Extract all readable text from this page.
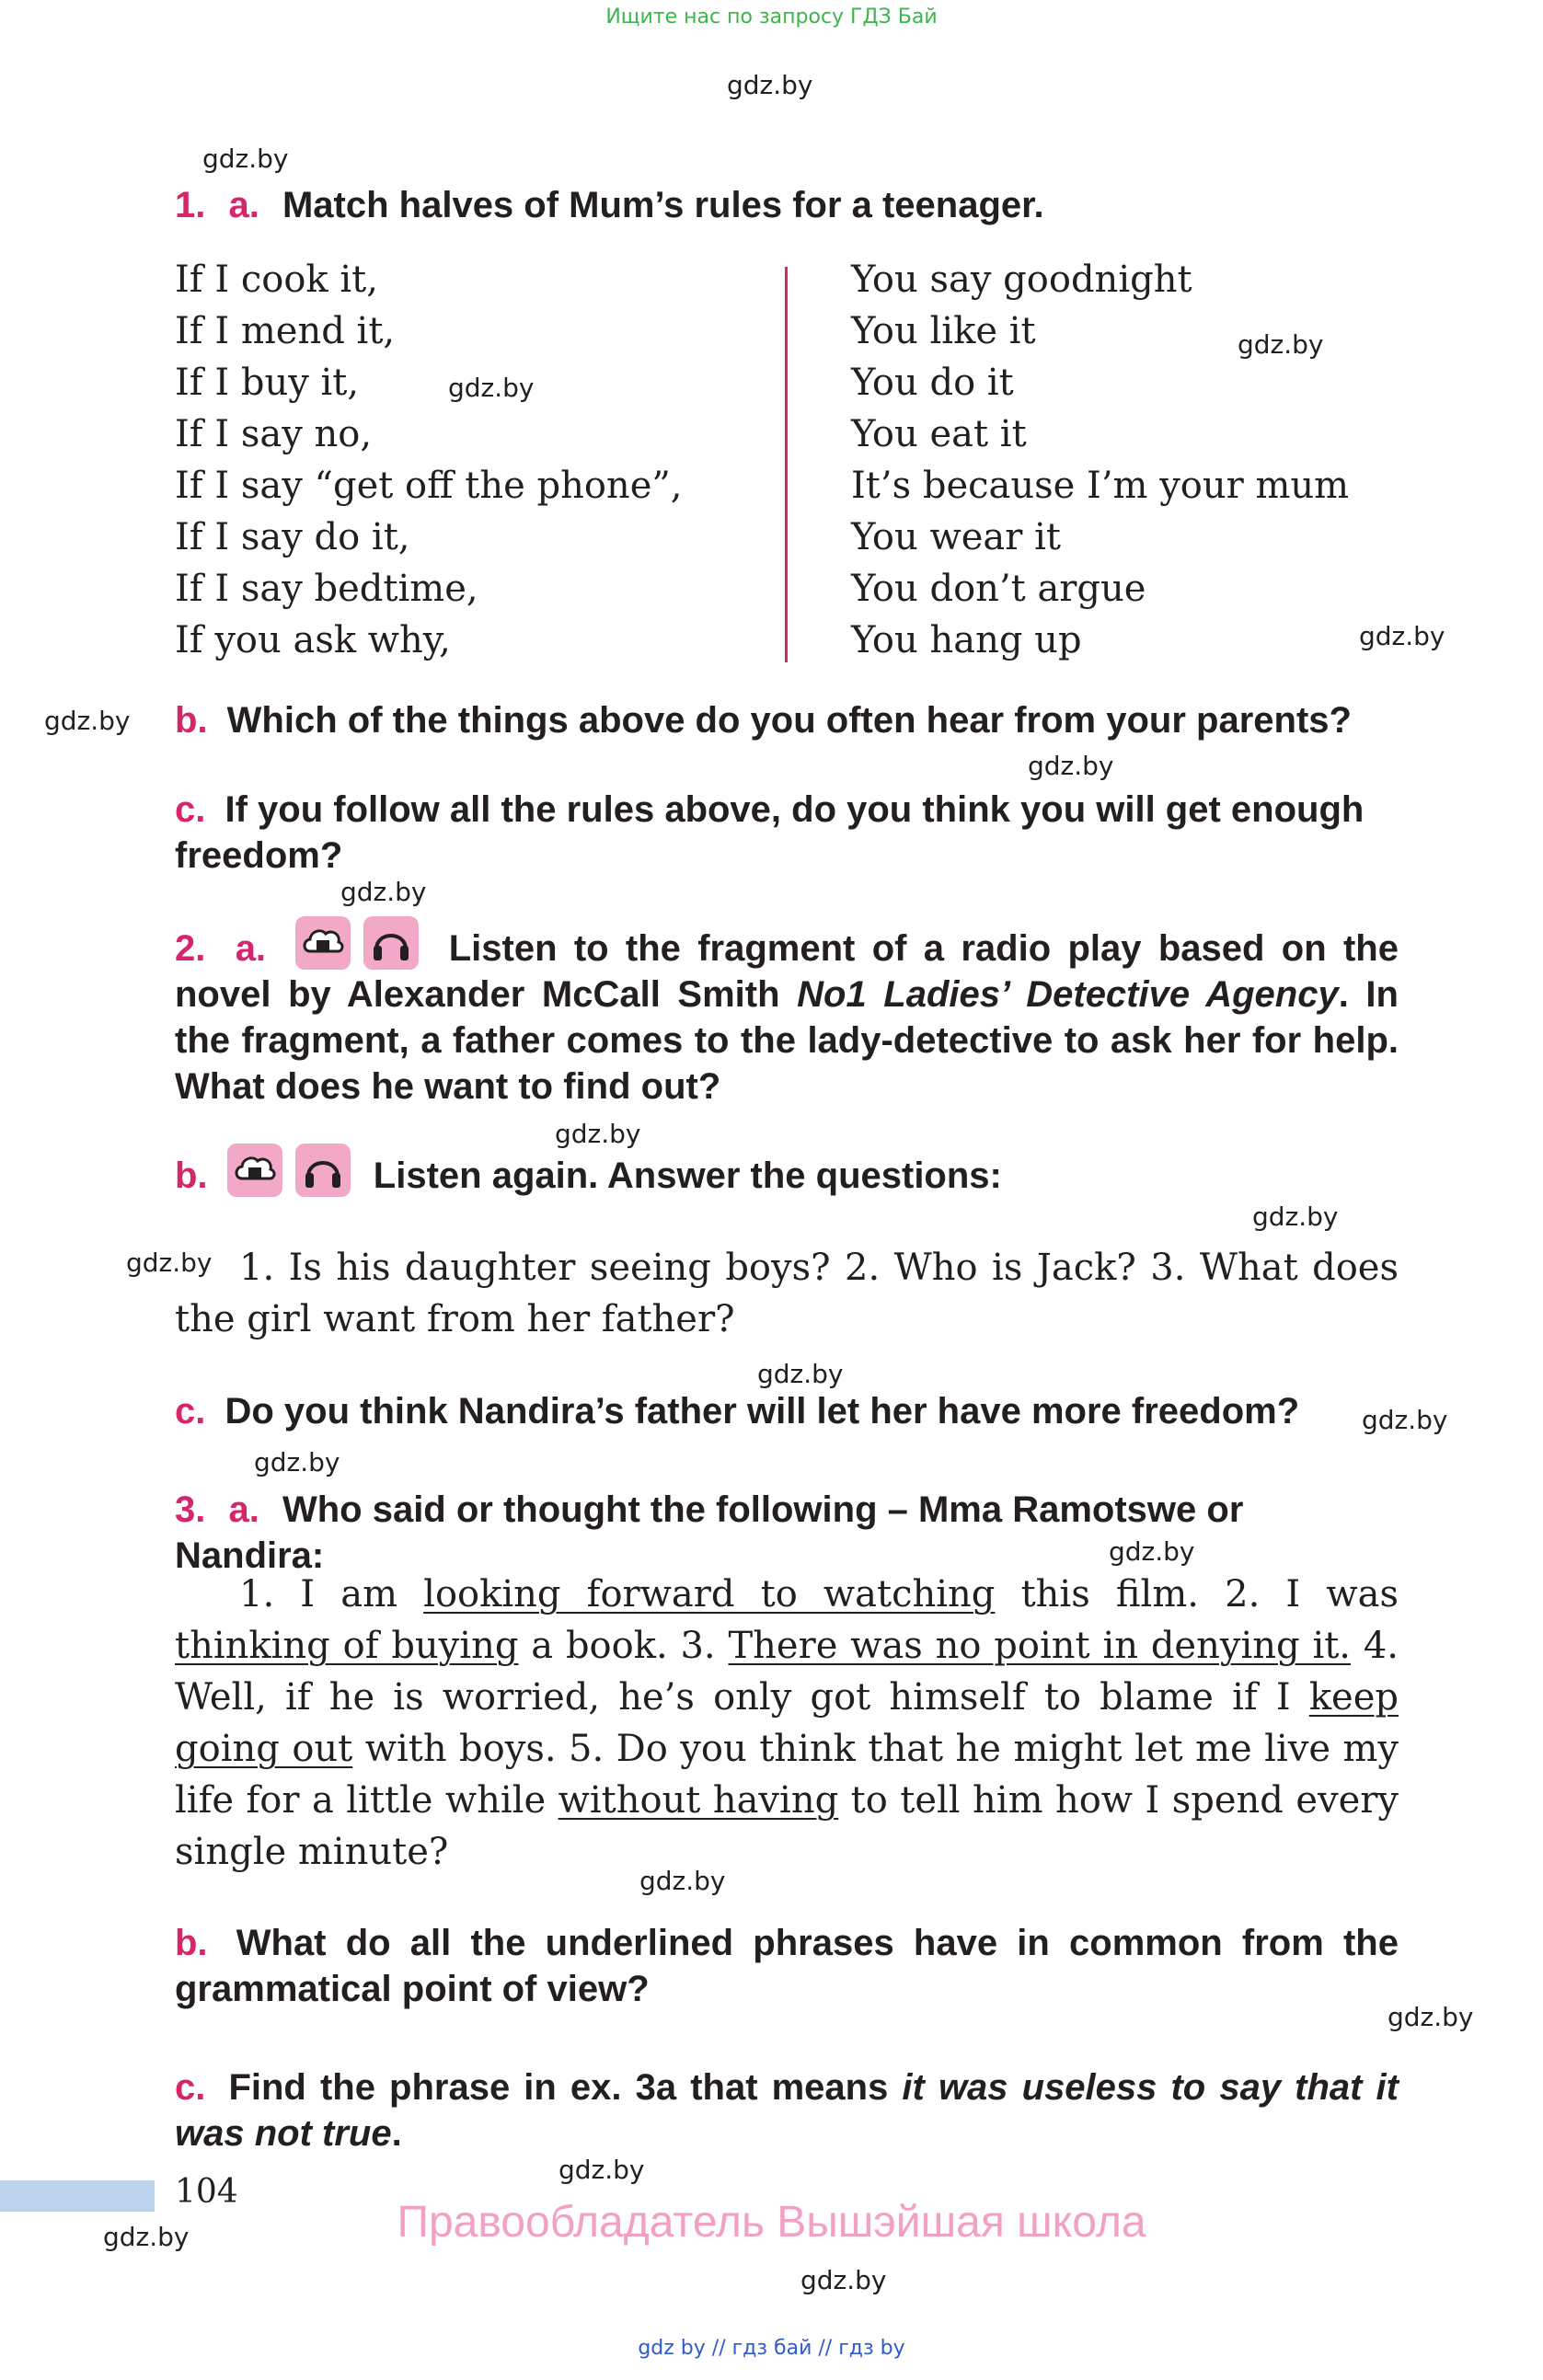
Ищите нас по запросу ГДЗ Бай
gdz.by
gdz.by
gdz.by
gdz.by
gdz.by
gdz.by
gdz.by
gdz.by
gdz.by
gdz.by
gdz.by
gdz.by
gdz.by
gdz.by
gdz.by
gdz.by
gdz.by
gdz.by
gdz.by
gdz.by
1. a. Match halves of Mum’s rules for a teenager.
If I cook it,
If I mend it,
If I buy it,
If I say no,
If I say “get off the phone”,
If I say do it,
If I say bedtime,
If you ask why,
You say goodnight
You like it
You do it
You eat it
It’s because I’m your mum
You wear it
You don’t argue
You hang up
b. Which of the things above do you often hear from your parents?
c. If you follow all the rules above, do you think you will get enough freedom?
2. a.	Listen to the fragment of a radio play based on the novel by Alexander McCall Smith No1 Ladies’ Detective Agency. In the fragment, a father comes to the lady-detective to ask her for help. What does he want to find out?
b.	Listen again. Answer the questions:
1. Is his daughter seeing boys? 2. Who is Jack? 3. What does the girl want from her father?
c. Do you think Nandira’s father will let her have more freedom?
3. a. Who said or thought the following – Mma Ramotswe or Nandira:
1. I am looking forward to watching this film. 2. I was thinking of buying a book. 3. There was no point in denying it. 4. Well, if he is worried, he’s only got himself to blame if I keep going out with boys. 5. Do you think that he might let me live my life for a little while without having to tell him how I spend every single minute?
b. What do all the underlined phrases have in common from the grammatical point of view?
c. Find the phrase in ex. 3a that means it was useless to say that it was not true.
104
Правообладатель Вышэйшая школа
gdz by // гдз бай // гдз by
